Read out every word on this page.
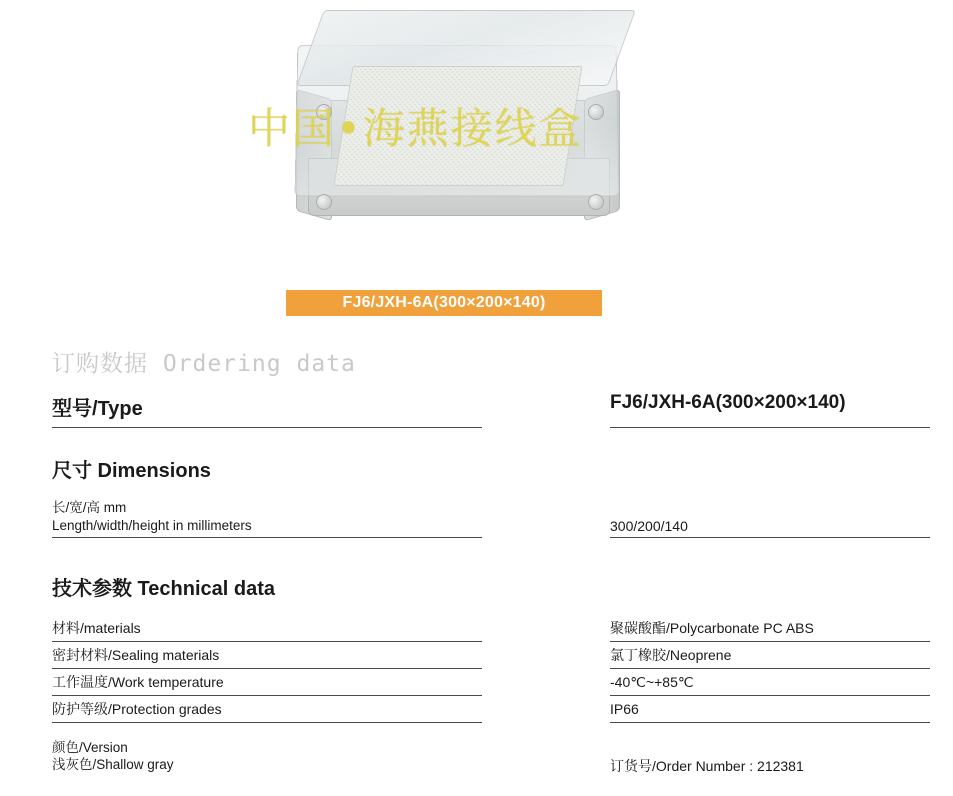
中国•海燕接线盒
FJ6/JXH-6A(300×200×140)
订购数据 Ordering data
型号/Type	FJ6/JXH-6A(300×200×140)
尺寸 Dimensions
长/宽/高 mm
Length/width/height in millimeters	300/200/140
技术参数 Technical data
材料/materials	聚碳酸酯/Polycarbonate PC ABS
密封材料/Sealing materials	氯丁橡胶/Neoprene
工作温度/Work temperature	-40℃~+85℃
防护等级/Protection grades	IP66
颜色/Version
浅灰色/Shallow gray	订货号/Order Number : 212381
